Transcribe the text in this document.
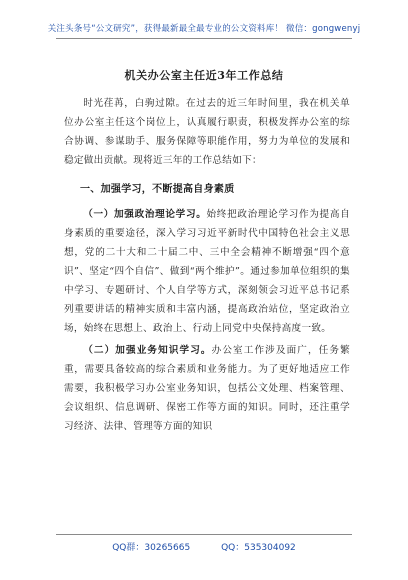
关注头条号“公文研究”，获得最新最全最专业的公文资料库！ 微信：gongwenyj
机关办公室主任近3年工作总结

时光荏苒，白驹过隙。在过去的近三年时间里，我在机关单位办公室主任这个岗位上，认真履行职责，积极发挥办公室的综合协调、参谋助手、服务保障等职能作用，努力为单位的发展和稳定做出贡献。现将近三年的工作总结如下：

一、加强学习，不断提高自身素质

（一）加强政治理论学习。始终把政治理论学习作为提高自身素质的重要途径，深入学习习近平新时代中国特色社会主义思想，党的二十大和二十届二中、三中全会精神不断增强“四个意识”、坚定“四个自信”、做到“两个维护”。通过参加单位组织的集中学习、专题研讨、个人自学等方式，深刻领会习近平总书记系列重要讲话的精神实质和丰富内涵，提高政治站位，坚定政治立场，始终在思想上、政治上、行动上同党中央保持高度一致。

（二）加强业务知识学习。办公室工作涉及面广，任务繁重，需要具备较高的综合素质和业务能力。为了更好地适应工作需要，我积极学习办公室业务知识，包括公文处理、档案管理、会议组织、信息调研、保密工作等方面的知识。同时，还注重学习经济、法律、管理等方面的知识

QQ群：30265665	QQ：535304092
